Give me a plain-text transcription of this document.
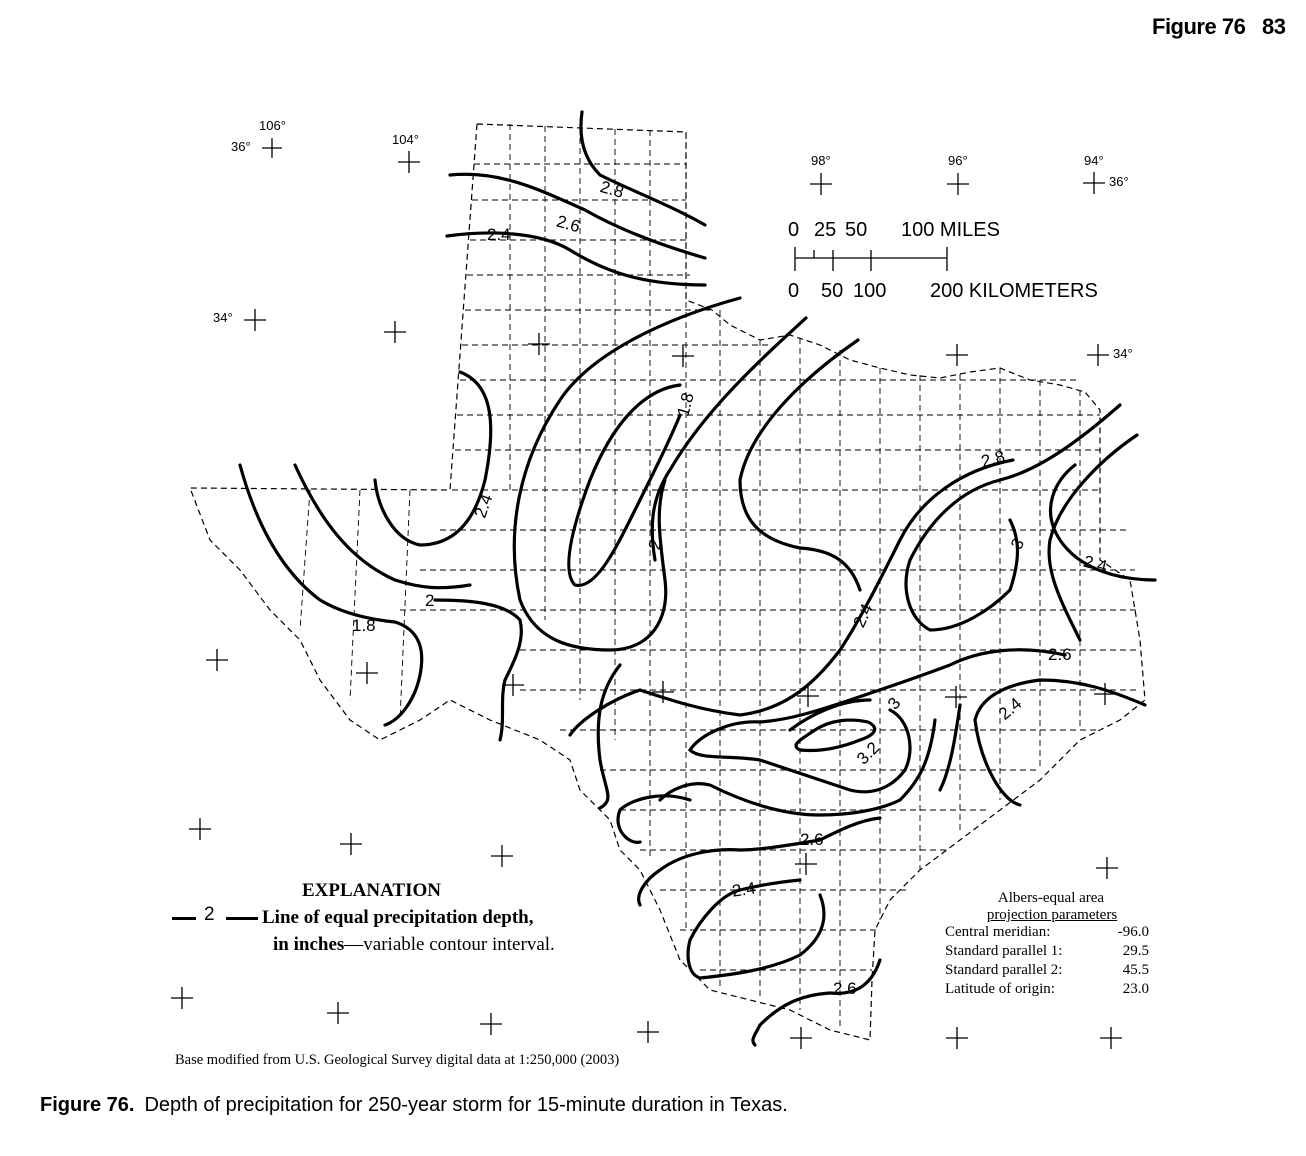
Figure 76 83
106°
36°	104°
34°
98°	96°	94°
36°
34°
0 25 50 100 MILES
0 50 100 200 KILOMETERS
2.8
2.6
2.4
1.8
2.4
2
1.8
2
2.4
2.8
3
2.4
2.6
2.4
3
3.2
2.6
2.4
2.6
EXPLANATION
2 Line of equal precipitation depth,
in inches—variable contour interval.
Albers-equal area
projection parameters
Central meridian:	-96.0
Standard parallel 1:	29.5
Standard parallel 2:	45.5
Latitude of origin:	23.0
Base modified from U.S. Geological Survey digital data at 1:250,000 (2003)
Figure 76. Depth of precipitation for 250-year storm for 15-minute duration in Texas.
